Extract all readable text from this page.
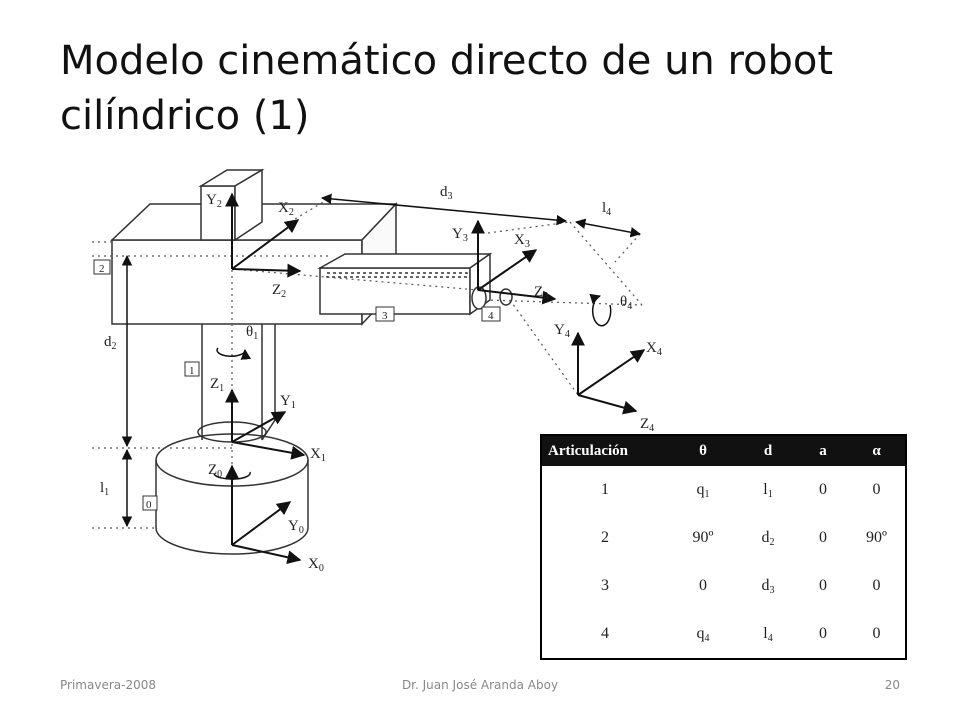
Modelo cinemático directo de un robot cilíndrico (1)
0
1
2
3	4
$Z_0$
$Y_0$
$X_0$
$Z_1$
$Y_1$
$X_1$
$Y_2$	$X_2$
$Z_2$
$Y_3$	$X_3$
$Z_3$
$Y_4$
$X_4$
$Z_4$
$d_2$
$l_1$
$d_3$
$l_4$
$\theta_1$
$\theta_4$
Articulación	θ	d	a	α
1	$q_1$	$l_1$	0	0
2	90º	$d_2$	0	90º
3	0	$d_3$	0	0
4	$q_4$	$l_4$	0	0
Primavera-2008	Dr. Juan José Aranda Aboy	20
